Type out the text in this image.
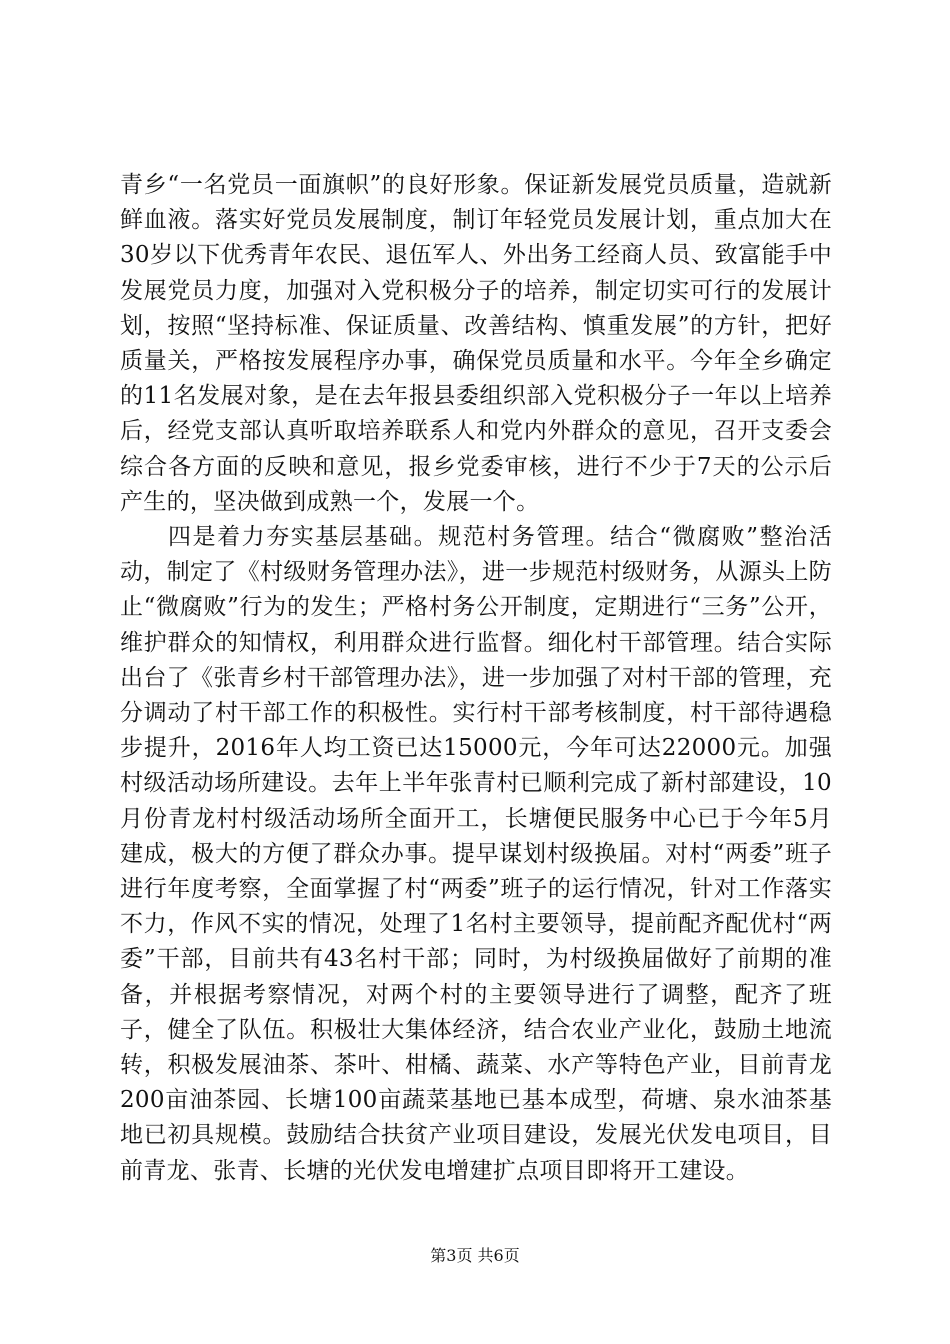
青乡“一名党员一面旗帜”的良好形象。保证新发展党员质量，造就新鲜血液。落实好党员发展制度，制订年轻党员发展计划，重点加大在30岁以下优秀青年农民、退伍军人、外出务工经商人员、致富能手中发展党员力度，加强对入党积极分子的培养，制定切实可行的发展计划，按照“坚持标准、保证质量、改善结构、慎重发展”的方针，把好质量关，严格按发展程序办事，确保党员质量和水平。今年全乡确定的11名发展对象，是在去年报县委组织部入党积极分子一年以上培养后，经党支部认真听取培养联系人和党内外群众的意见，召开支委会综合各方面的反映和意见，报乡党委审核，进行不少于7天的公示后产生的，坚决做到成熟一个，发展一个。

四是着力夯实基层基础。规范村务管理。结合“微腐败”整治活动，制定了《村级财务管理办法》，进一步规范村级财务，从源头上防止“微腐败”行为的发生；严格村务公开制度，定期进行“三务”公开，维护群众的知情权，利用群众进行监督。细化村干部管理。结合实际出台了《张青乡村干部管理办法》，进一步加强了对村干部的管理，充分调动了村干部工作的积极性。实行村干部考核制度，村干部待遇稳步提升，2016年人均工资已达15000元，今年可达22000元。加强村级活动场所建设。去年上半年张青村已顺利完成了新村部建设，10月份青龙村村级活动场所全面开工，长塘便民服务中心已于今年5月建成，极大的方便了群众办事。提早谋划村级换届。对村“两委”班子进行年度考察，全面掌握了村“两委”班子的运行情况，针对工作落实不力，作风不实的情况，处理了1名村主要领导，提前配齐配优村“两委”干部，目前共有43名村干部；同时，为村级换届做好了前期的准备，并根据考察情况，对两个村的主要领导进行了调整，配齐了班子，健全了队伍。积极壮大集体经济，结合农业产业化，鼓励土地流转，积极发展油茶、茶叶、柑橘、蔬菜、水产等特色产业，目前青龙200亩油茶园、长塘100亩蔬菜基地已基本成型，荷塘、泉水油茶基地已初具规模。鼓励结合扶贫产业项目建设，发展光伏发电项目，目前青龙、张青、长塘的光伏发电增建扩点项目即将开工建设。

第3页 共6页
